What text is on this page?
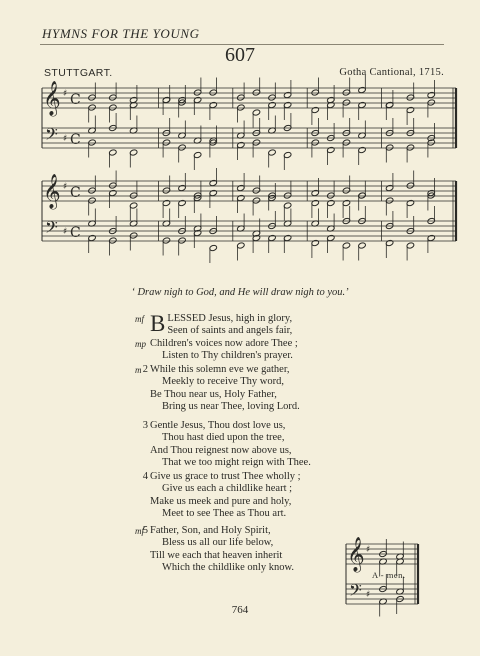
HYMNS FOR THE YOUNG
607
STUTTGART.	Gotha Cantional, 1715.
𝄞
𝄢
♯
♯
C
C
𝄞
𝄢
♯
♯
C
C
𝄞
𝄢
♯
♯
‘ Draw nigh to God, and He will draw nigh to you.’
BLESSED Jesus, high in glory,
Seen of saints and angels fair,
Children's voices now adore Thee ;
Listen to Thy children's prayer.
mf
mp
2 While this solemn eve we gather,
Meekly to receive Thy word,
Be Thou near us, Holy Father,
Bring us near Thee, loving Lord.
m
3 Gentle Jesus, Thou dost love us,
Thou hast died upon the tree,
And Thou reignest now above us,
That we too might reign with Thee.
4 Give us grace to trust Thee wholly ;
Give us each a childlike heart ;
Make us meek and pure and holy,
Meet to see Thee as Thou art.
5 Father, Son, and Holy Spirit,
Bless us all our life below,
Till we each that heaven inherit
Which the childlike only know.
mf
A - men.
764
